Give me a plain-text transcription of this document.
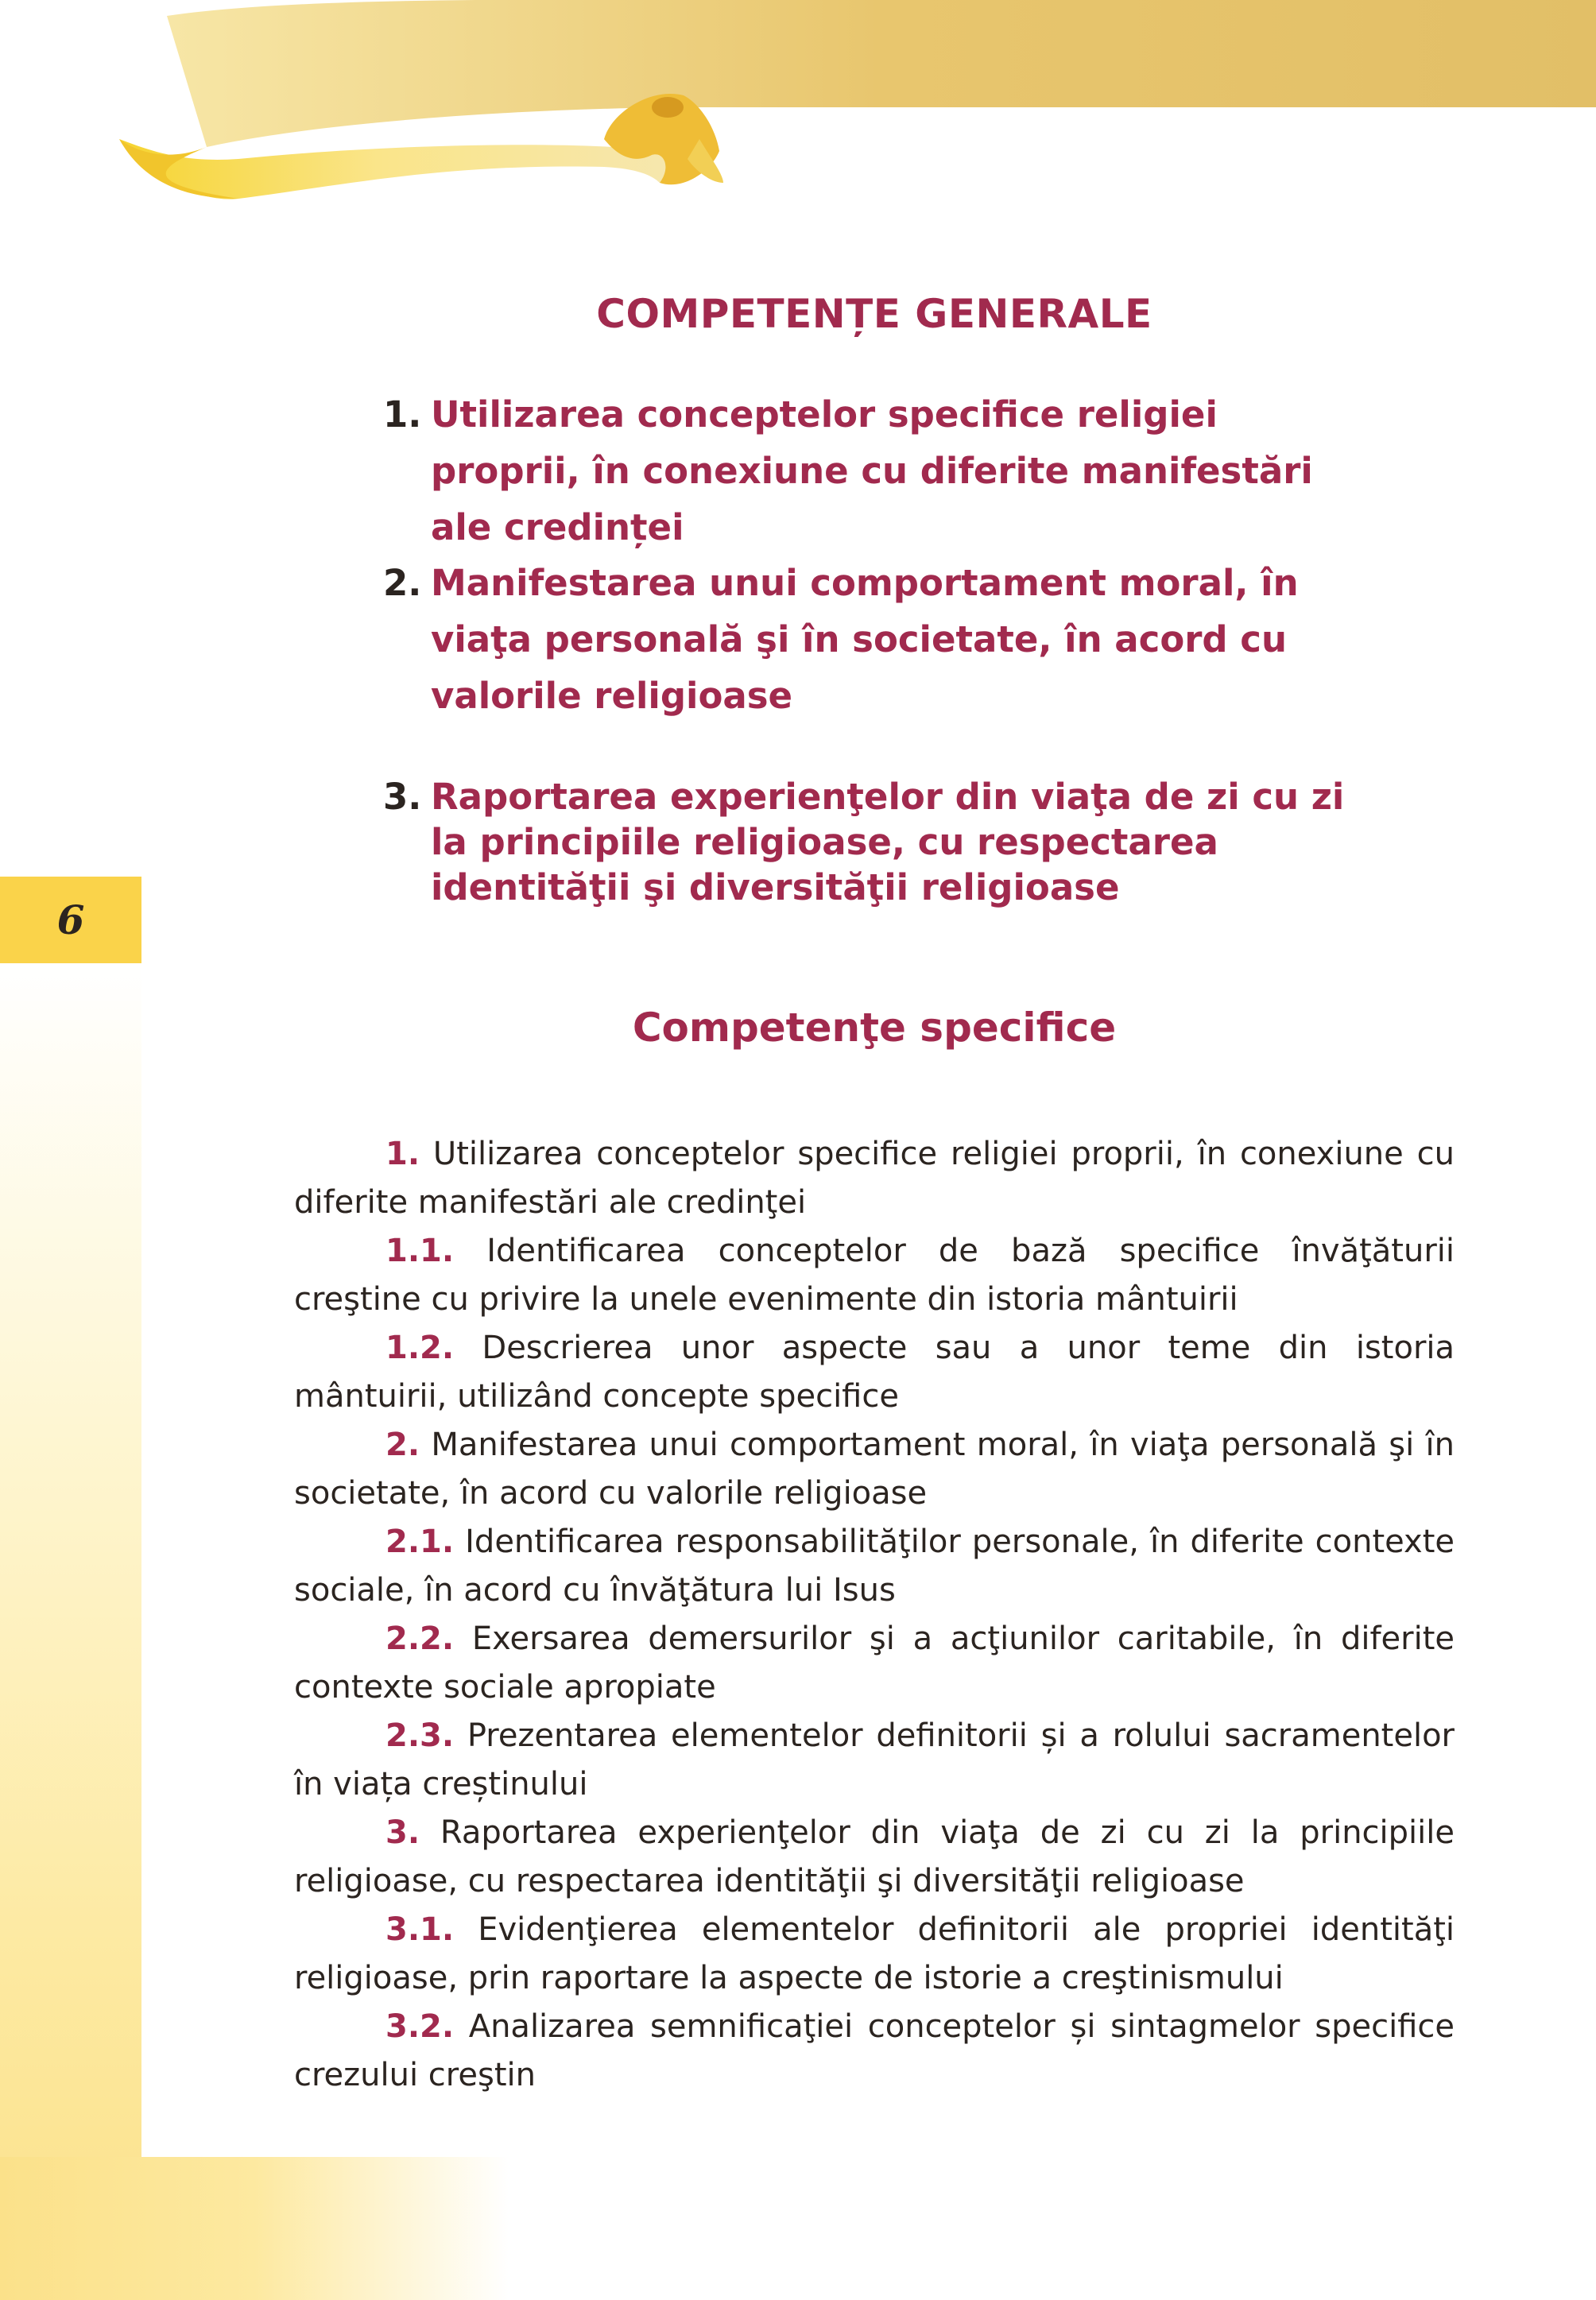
6
COMPETENȚE GENERALE
1. Utilizarea conceptelor specifice religiei proprii, în conexiune cu diferite manifestări ale credinței
2. Manifestarea unui comportament moral, în viaţa personală şi în societate, în acord cu valorile religioase
3. Raportarea experienţelor din viaţa de zi cu zi la principiile religioase, cu respectarea identităţii şi diversităţii religioase
Competenţe specifice
1. Utilizarea conceptelor specifice religiei proprii, în conexiune cu diferite manifestări ale credinţei
1.1. Identificarea conceptelor de bază specifice învăţăturii creştine cu privire la unele evenimente din istoria mântuirii
1.2. Descrierea unor aspecte sau a unor teme din istoria mântuirii, utilizând concepte specifice
2. Manifestarea unui comportament moral, în viaţa personală şi în societate, în acord cu valorile religioase
2.1. Identificarea responsabilităţilor personale, în diferite contexte sociale, în acord cu învăţătura lui Isus
2.2. Exersarea demersurilor şi a acţiunilor caritabile, în diferite contexte sociale apropiate
2.3. Prezentarea elementelor definitorii și a rolului sacramentelor în viața creștinului
3. Raportarea experienţelor din viaţa de zi cu zi la principiile religioase, cu respectarea identităţii şi diversităţii religioase
3.1. Evidenţierea elementelor definitorii ale propriei identităţi religioase, prin raportare la aspecte de istorie a creştinismului
3.2. Analizarea semnificaţiei conceptelor și sintagmelor specifice crezului creştin
